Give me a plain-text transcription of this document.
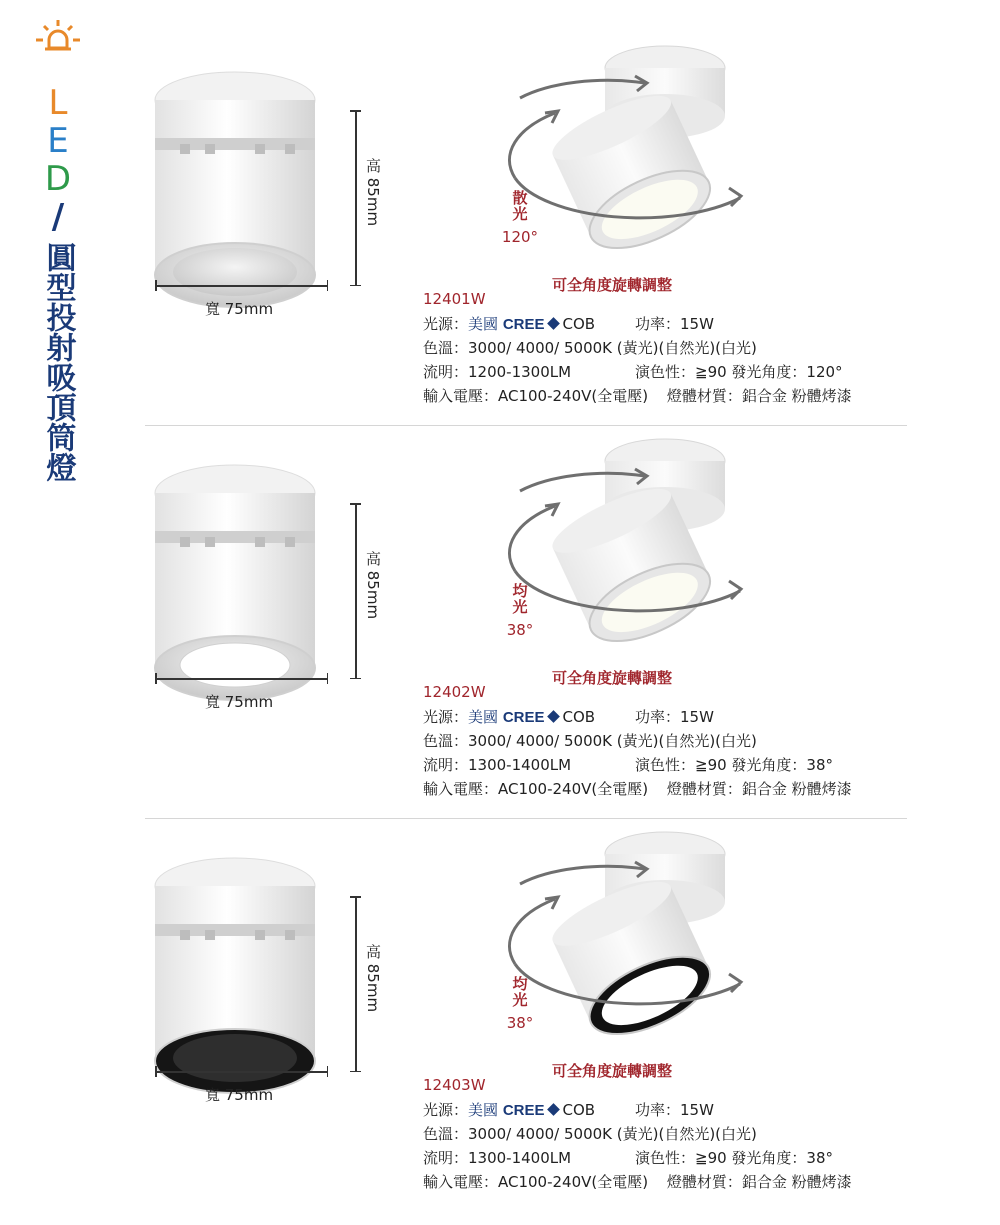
L
E
D
/
圓型投射吸頂筒燈	寬 75mm
高 85mm	散光
120°
可全角度旋轉調整
12401W
光源：美國 CREE COB	功率：15W
色溫：3000/ 4000/ 5000K (黃光)(自然光)(白光)
流明：1200-1300LM	演色性：≧90 發光角度：120°
輸入電壓：AC100-240V(全電壓) 燈體材質：鋁合金 粉體烤漆
寬 75mm
高 85mm	均光
38°
可全角度旋轉調整
12402W
光源：美國 CREE COB	功率：15W
色溫：3000/ 4000/ 5000K (黃光)(自然光)(白光)
流明：1300-1400LM	演色性：≧90 發光角度：38°
輸入電壓：AC100-240V(全電壓) 燈體材質：鋁合金 粉體烤漆
寬 75mm
高 85mm	均光
38°
可全角度旋轉調整
12403W
光源：美國 CREE COB	功率：15W
色溫：3000/ 4000/ 5000K (黃光)(自然光)(白光)
流明：1300-1400LM	演色性：≧90 發光角度：38°
輸入電壓：AC100-240V(全電壓) 燈體材質：鋁合金 粉體烤漆
